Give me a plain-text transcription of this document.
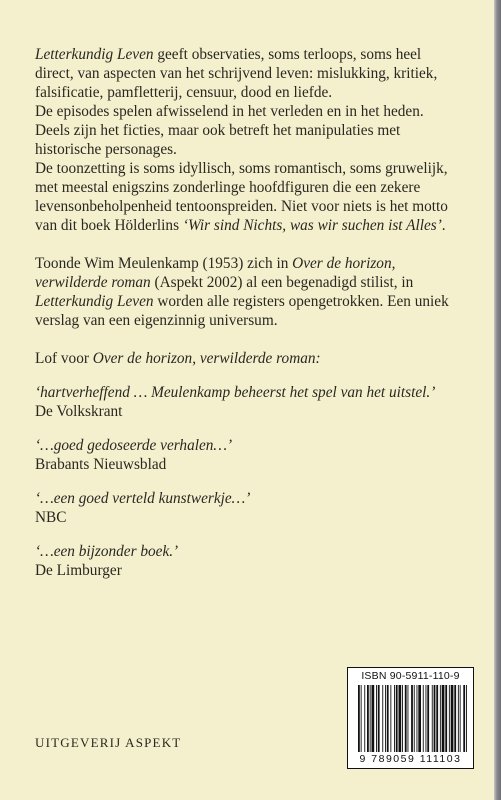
Letterkundig Leven geeft observaties, soms terloops, soms heel direct, van aspecten van het schrijvend leven: mislukking, kritiek, falsificatie, pamfletterij, censuur, dood en liefde.

De episodes spelen afwisselend in het verleden en in het heden. Deels zijn het ficties, maar ook betreft het manipulaties met historische personages.

De toonzetting is soms idyllisch, soms romantisch, soms gruwelijk, met meestal enigszins zonderlinge hoofdfiguren die een zekere levensonbeholpenheid tentoonspreiden. Niet voor niets is het motto van dit boek Hölderlins ‘Wir sind Nichts, was wir suchen ist Alles’.

Toonde Wim Meulenkamp (1953) zich in Over de horizon, verwilderde roman (Aspekt 2002) al een begenadigd stilist, in Letterkundig Leven worden alle registers opengetrokken. Een uniek verslag van een eigenzinnig universum.

Lof voor Over de horizon, verwilderde roman:

‘hartverheffend … Meulenkamp beheerst het spel van het uitstel.’

De Volkskrant

‘…goed gedoseerde verhalen…’

Brabants Nieuwsblad

‘…een goed verteld kunstwerkje…’

NBC

‘…een bijzonder boek.’

De Limburger

UITGEVERIJ ASPEKT
ISBN 90-5911-110-9
9 789059 111103
